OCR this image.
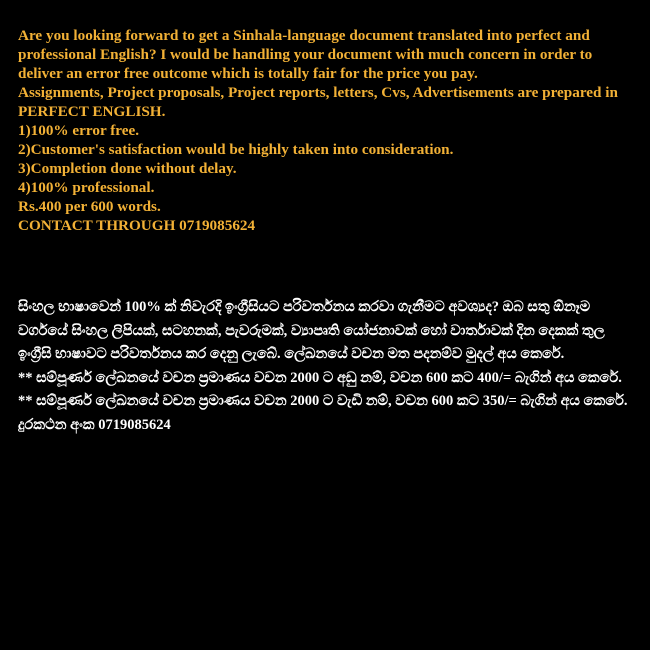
Are you looking forward to get a Sinhala-language document translated into perfect and professional English? I would be handling your document with much concern in order to deliver an error free outcome which is totally fair for the price you pay.

Assignments, Project proposals, Project reports, letters, Cvs, Advertisements are prepared in PERFECT ENGLISH.

1)100% error free.

2)Customer's satisfaction would be highly taken into consideration.

3)Completion done without delay.

4)100% professional.

Rs.400 per 600 words.

CONTACT THROUGH 0719085624

සිංහල භාෂාවෙන් 100% ක් නිවැරදි ඉංග්‍රීසියට පරිවර්තනය කරවා ගැනීමට අවශ්‍යද? ඔබ සතු ඕනෑම වර්ගයේ සිංහල ලිපියක්, සටහනක්, පැවරුමක්, ව්‍යාපෘති යෝජනාවක් හෝ වාර්තාවක් දින දෙකක් තුල ඉංග්‍රීසි භාෂාවට පරිවර්තනය කර දෙනු ලැබේ. ලේඛනයේ වචන මත පදනම්ව මුදල් අය කෙරේ.

** සම්පූර්ණ ලේඛනයේ වචන ප්‍රමාණය වචන 2000 ට අඩු නම්, වචන 600 කට 400/= බැගින් අය කෙරේ.

** සම්පූර්ණ ලේඛනයේ වචන ප්‍රමාණය වචන 2000 ට වැඩි නම්, වචන 600 කට 350/= බැගින් අය කෙරේ.

දුරකථන අංක 0719085624
